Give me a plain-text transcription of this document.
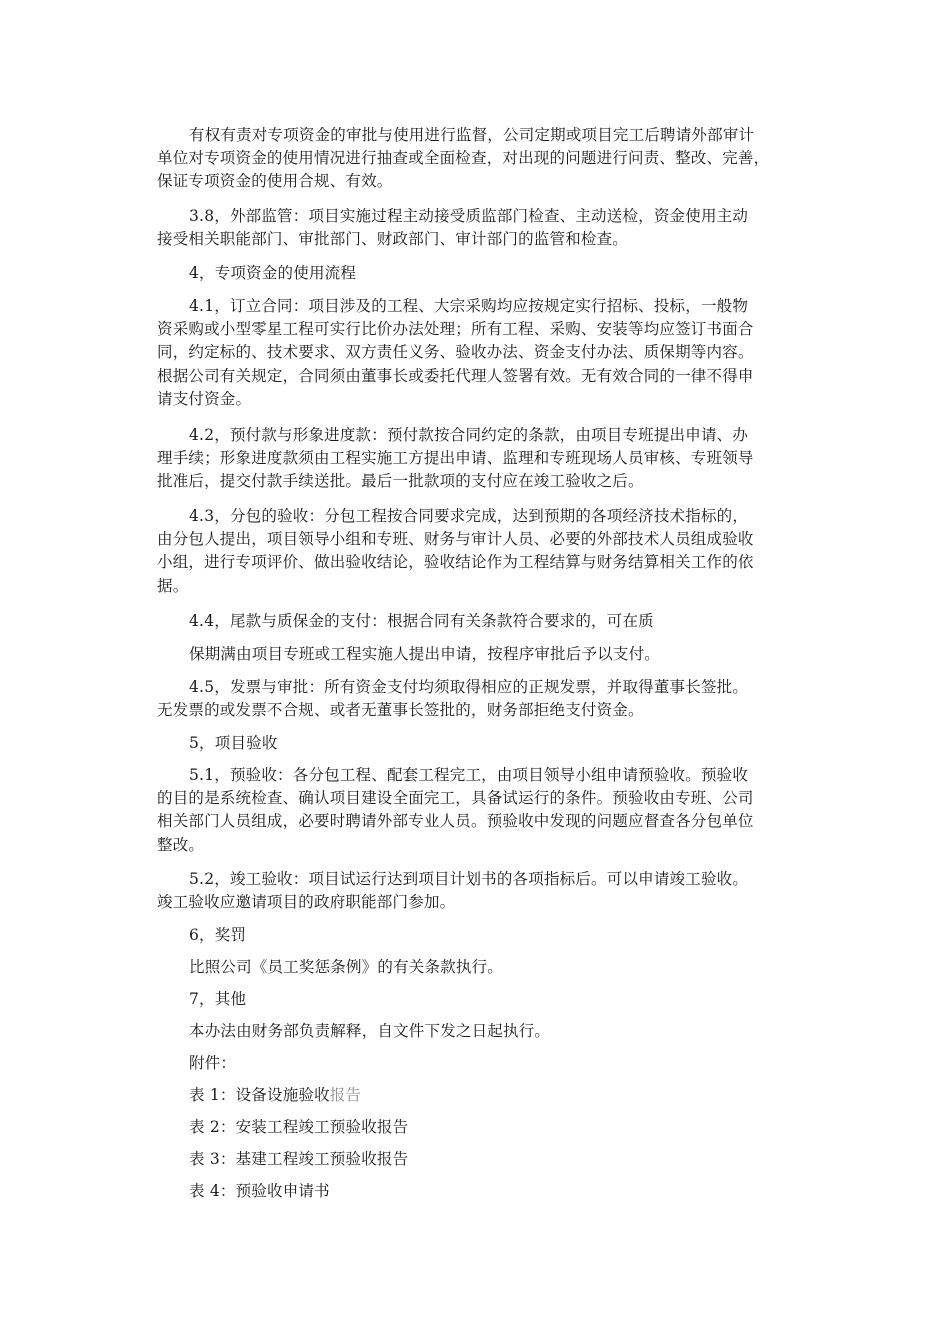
有权有责对专项资金的审批与使用进行监督，公司定期或项目完工后聘请外部审计
单位对专项资金的使用情况进行抽查或全面检查，对出现的问题进行问责、整改、完善，
保证专项资金的使用合规、有效。
3.8，外部监管：项目实施过程主动接受质监部门检查、主动送检，资金使用主动
接受相关职能部门、审批部门、财政部门、审计部门的监管和检查。
4，专项资金的使用流程
4.1，订立合同：项目涉及的工程、大宗采购均应按规定实行招标、投标，一般物
资采购或小型零星工程可实行比价办法处理；所有工程、采购、安装等均应签订书面合
同，约定标的、技术要求、双方责任义务、验收办法、资金支付办法、质保期等内容。
根据公司有关规定，合同须由董事长或委托代理人签署有效。无有效合同的一律不得申
请支付资金。
4.2，预付款与形象进度款：预付款按合同约定的条款，由项目专班提出申请、办
理手续；形象进度款须由工程实施工方提出申请、监理和专班现场人员审核、专班领导
批准后，提交付款手续送批。最后一批款项的支付应在竣工验收之后。
4.3，分包的验收：分包工程按合同要求完成，达到预期的各项经济技术指标的，
由分包人提出，项目领导小组和专班、财务与审计人员、必要的外部技术人员组成验收
小组，进行专项评价、做出验收结论，验收结论作为工程结算与财务结算相关工作的依
据。
4.4，尾款与质保金的支付：根据合同有关条款符合要求的，可在质
保期满由项目专班或工程实施人提出申请，按程序审批后予以支付。
4.5，发票与审批：所有资金支付均须取得相应的正规发票，并取得董事长签批。
无发票的或发票不合规、或者无董事长签批的，财务部拒绝支付资金。
5，项目验收
5.1，预验收：各分包工程、配套工程完工，由项目领导小组申请预验收。预验收
的目的是系统检查、确认项目建设全面完工，具备试运行的条件。预验收由专班、公司
相关部门人员组成，必要时聘请外部专业人员。预验收中发现的问题应督查各分包单位
整改。
5.2，竣工验收：项目试运行达到项目计划书的各项指标后。可以申请竣工验收。
竣工验收应邀请项目的政府职能部门参加。
6，奖罚
比照公司《员工奖惩条例》的有关条款执行。
7，其他
本办法由财务部负责解释，自文件下发之日起执行。
附件：
表 1：设备设施验收报告
表 2：安装工程竣工预验收报告
表 3：基建工程竣工预验收报告
表 4：预验收申请书
